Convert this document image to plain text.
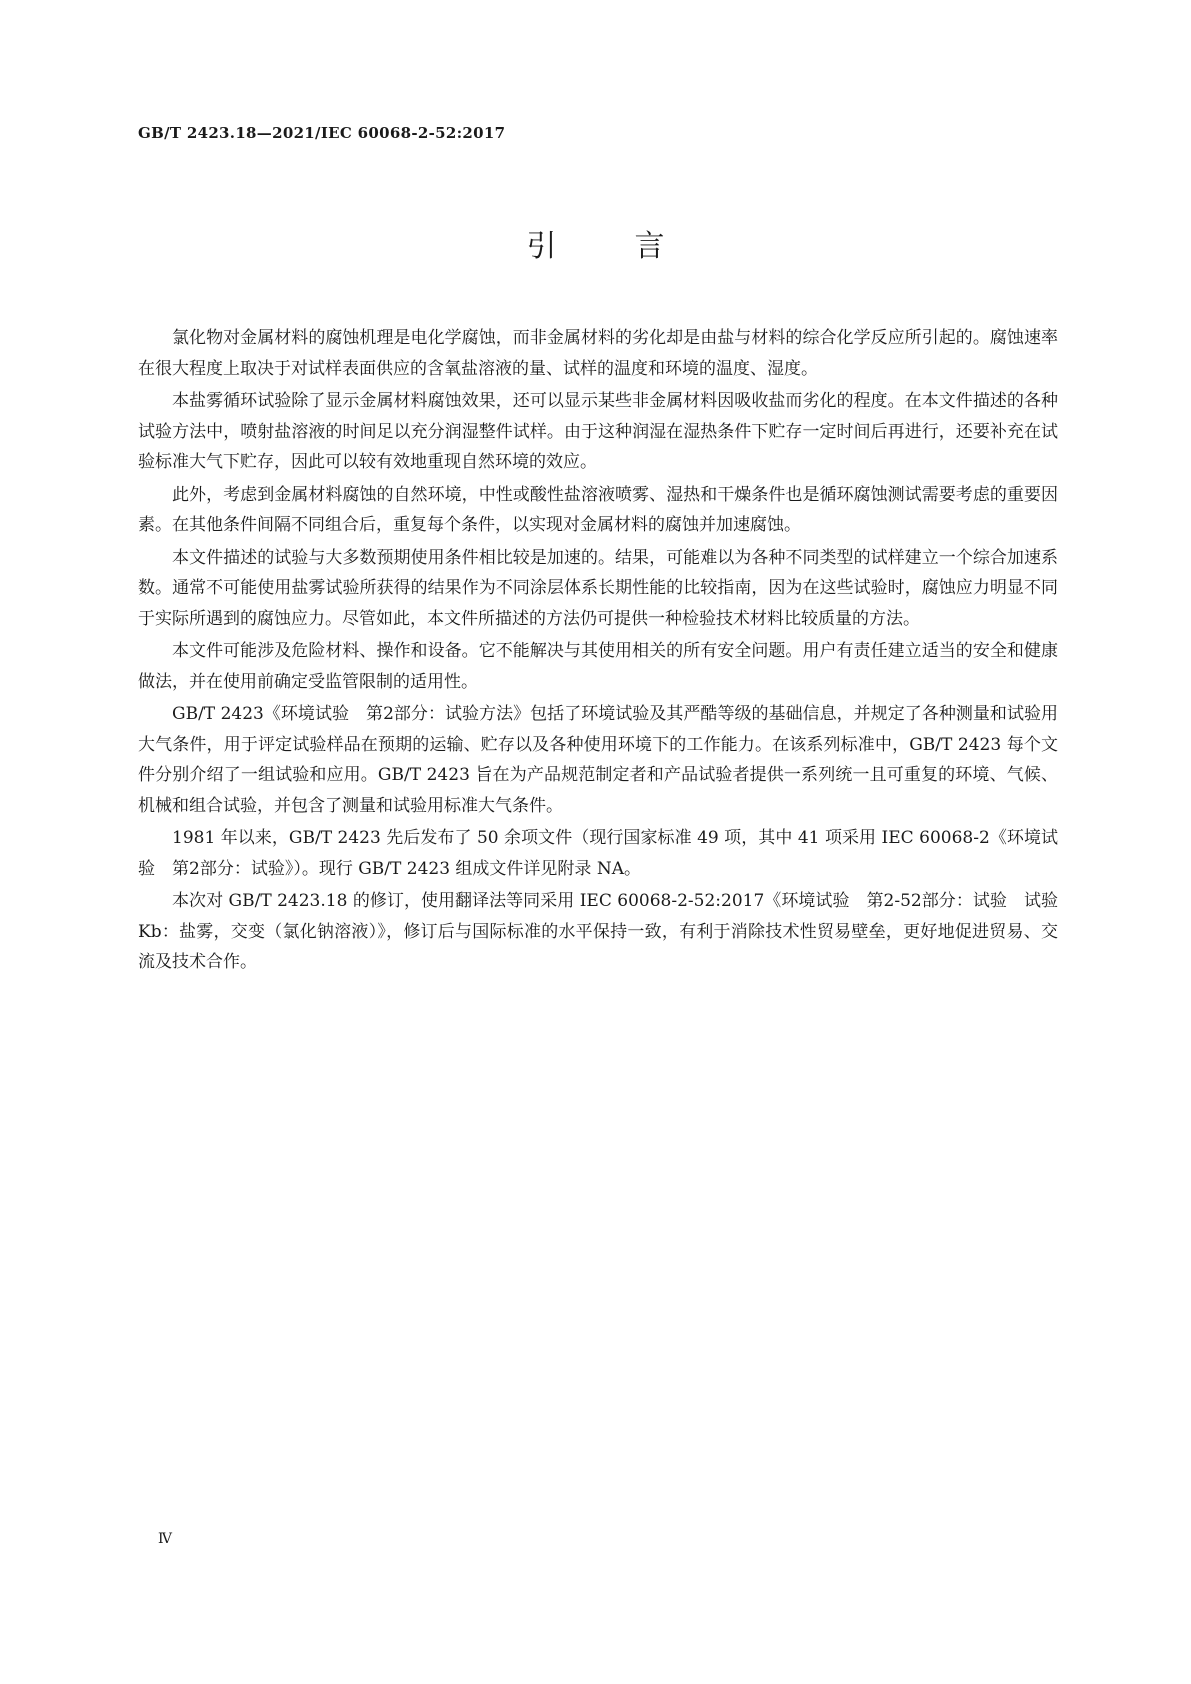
GB/T 2423.18—2021/IEC 60068-2-52:2017
引	言

氯化物对金属材料的腐蚀机理是电化学腐蚀，而非金属材料的劣化却是由盐与材料的综合化学反应所引起的。腐蚀速率在很大程度上取决于对试样表面供应的含氧盐溶液的量、试样的温度和环境的温度、湿度。

本盐雾循环试验除了显示金属材料腐蚀效果，还可以显示某些非金属材料因吸收盐而劣化的程度。在本文件描述的各种试验方法中，喷射盐溶液的时间足以充分润湿整件试样。由于这种润湿在湿热条件下贮存一定时间后再进行，还要补充在试验标准大气下贮存，因此可以较有效地重现自然环境的效应。

此外，考虑到金属材料腐蚀的自然环境，中性或酸性盐溶液喷雾、湿热和干燥条件也是循环腐蚀测试需要考虑的重要因素。在其他条件间隔不同组合后，重复每个条件，以实现对金属材料的腐蚀并加速腐蚀。

本文件描述的试验与大多数预期使用条件相比较是加速的。结果，可能难以为各种不同类型的试样建立一个综合加速系数。通常不可能使用盐雾试验所获得的结果作为不同涂层体系长期性能的比较指南，因为在这些试验时，腐蚀应力明显不同于实际所遇到的腐蚀应力。尽管如此，本文件所描述的方法仍可提供一种检验技术材料比较质量的方法。

本文件可能涉及危险材料、操作和设备。它不能解决与其使用相关的所有安全问题。用户有责任建立适当的安全和健康做法，并在使用前确定受监管限制的适用性。

GB/T 2423《环境试验　第2部分：试验方法》包括了环境试验及其严酷等级的基础信息，并规定了各种测量和试验用大气条件，用于评定试验样品在预期的运输、贮存以及各种使用环境下的工作能力。在该系列标准中，GB/T 2423 每个文件分别介绍了一组试验和应用。GB/T 2423 旨在为产品规范制定者和产品试验者提供一系列统一且可重复的环境、气候、机械和组合试验，并包含了测量和试验用标准大气条件。

1981 年以来，GB/T 2423 先后发布了 50 余项文件（现行国家标准 49 项，其中 41 项采用 IEC 60068-2《环境试验　第2部分：试验》）。现行 GB/T 2423 组成文件详见附录 NA。

本次对 GB/T 2423.18 的修订，使用翻译法等同采用 IEC 60068-2-52:2017《环境试验　第2-52部分：试验　试验 Kb：盐雾，交变（氯化钠溶液）》，修订后与国际标准的水平保持一致，有利于消除技术性贸易壁垒，更好地促进贸易、交流及技术合作。

Ⅳ
